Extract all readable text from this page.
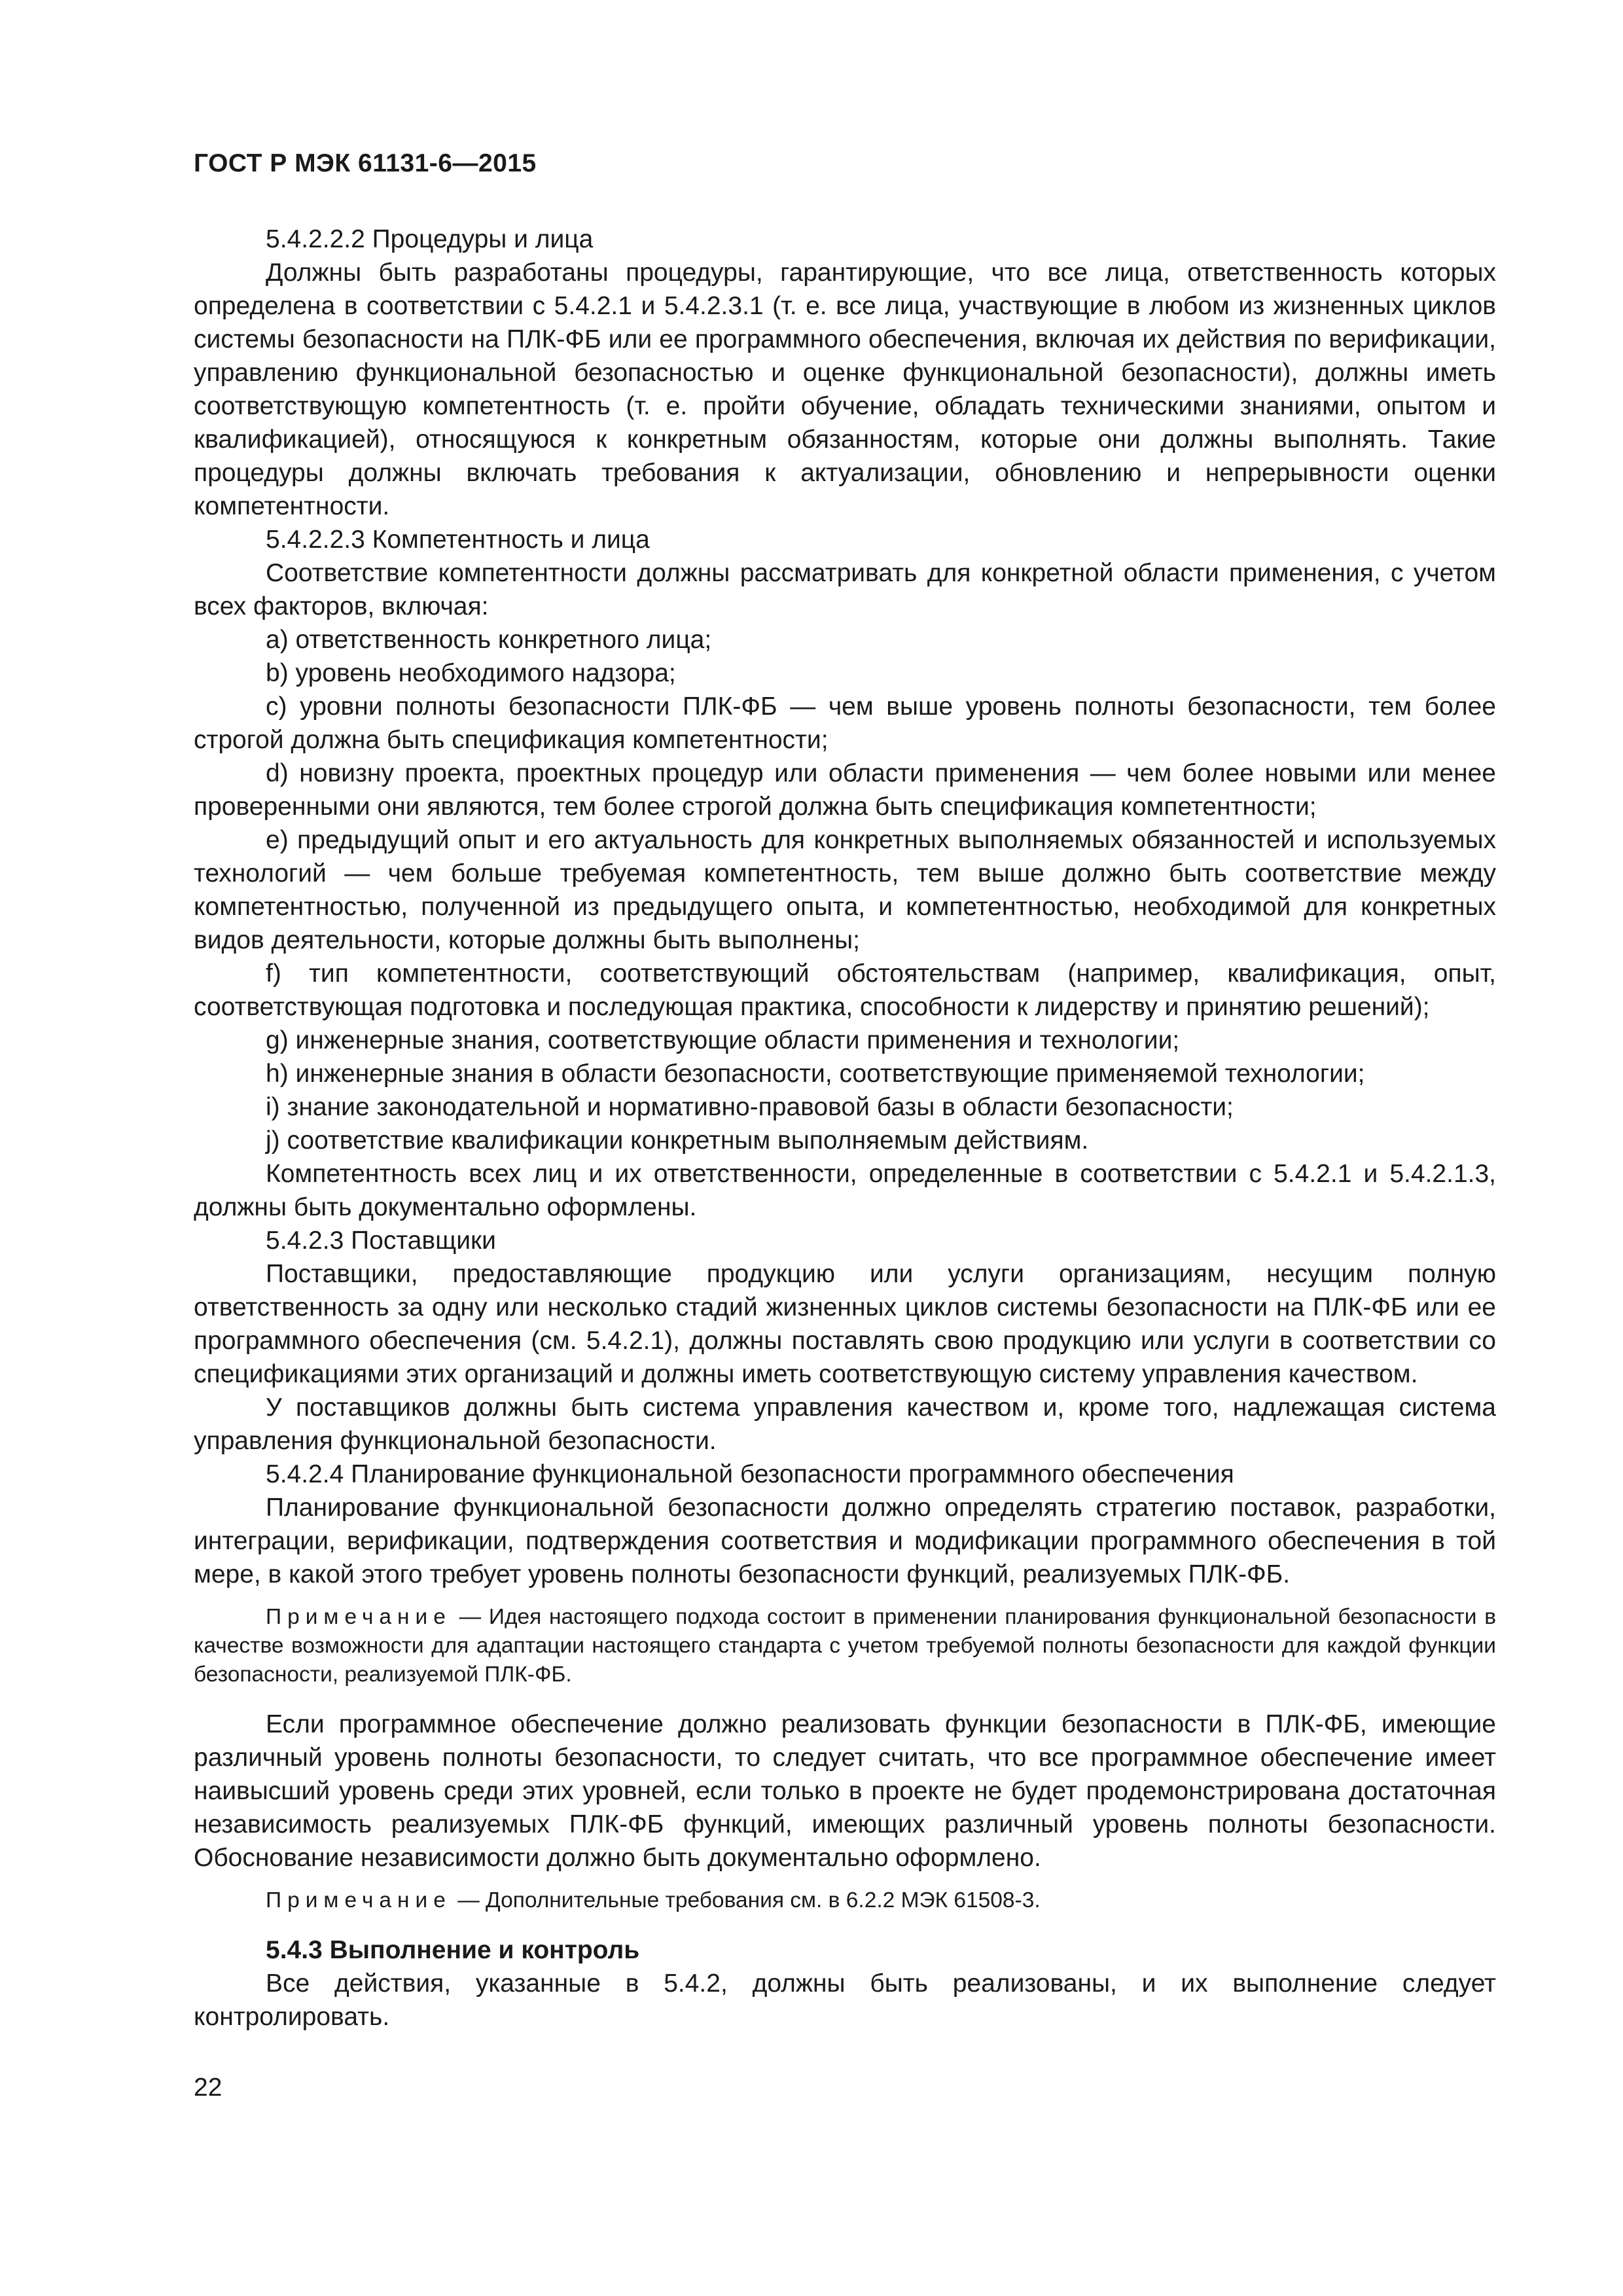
ГОСТ Р МЭК 61131-6—2015

5.4.2.2.2 Процедуры и лица

Должны быть разработаны процедуры, гарантирующие, что все лица, ответственность которых определена в соответствии с 5.4.2.1 и 5.4.2.3.1 (т. е. все лица, участвующие в любом из жизненных циклов системы безопасности на ПЛК-ФБ или ее программного обеспечения, включая их действия по верификации, управлению функциональной безопасностью и оценке функциональной безопасности), должны иметь соответствующую компетентность (т. е. пройти обучение, обладать техническими знаниями, опытом и квалификацией), относящуюся к конкретным обязанностям, которые они должны выполнять. Такие процедуры должны включать требования к актуализации, обновлению и непрерывности оценки компетентности.

5.4.2.2.3 Компетентность и лица

Соответствие компетентности должны рассматривать для конкретной области применения, с учетом всех факторов, включая:

a) ответственность конкретного лица;

b) уровень необходимого надзора;

c) уровни полноты безопасности ПЛК-ФБ — чем выше уровень полноты безопасности, тем более строгой должна быть спецификация компетентности;

d) новизну проекта, проектных процедур или области применения — чем более новыми или менее проверенными они являются, тем более строгой должна быть спецификация компетентности;

e) предыдущий опыт и его актуальность для конкретных выполняемых обязанностей и используемых технологий — чем больше требуемая компетентность, тем выше должно быть соответствие между компетентностью, полученной из предыдущего опыта, и компетентностью, необходимой для конкретных видов деятельности, которые должны быть выполнены;

f) тип компетентности, соответствующий обстоятельствам (например, квалификация, опыт, соответствующая подготовка и последующая практика, способности к лидерству и принятию решений);

g) инженерные знания, соответствующие области применения и технологии;

h) инженерные знания в области безопасности, соответствующие применяемой технологии;

i) знание законодательной и нормативно-правовой базы в области безопасности;

j) соответствие квалификации конкретным выполняемым действиям.

Компетентность всех лиц и их ответственности, определенные в соответствии с 5.4.2.1 и 5.4.2.1.3, должны быть документально оформлены.

5.4.2.3 Поставщики

Поставщики, предоставляющие продукцию или услуги организациям, несущим полную ответственность за одну или несколько стадий жизненных циклов системы безопасности на ПЛК-ФБ или ее программного обеспечения (см. 5.4.2.1), должны поставлять свою продукцию или услуги в соответствии со спецификациями этих организаций и должны иметь соответствующую систему управления качеством.

У поставщиков должны быть система управления качеством и, кроме того, надлежащая система управления функциональной безопасности.

5.4.2.4 Планирование функциональной безопасности программного обеспечения

Планирование функциональной безопасности должно определять стратегию поставок, разработки, интеграции, верификации, подтверждения соответствия и модификации программного обеспечения в той мере, в какой этого требует уровень полноты безопасности функций, реализуемых ПЛК-ФБ.

Примечание — Идея настоящего подхода состоит в применении планирования функциональной безопасности в качестве возможности для адаптации настоящего стандарта с учетом требуемой полноты безопасности для каждой функции безопасности, реализуемой ПЛК-ФБ.

Если программное обеспечение должно реализовать функции безопасности в ПЛК-ФБ, имеющие различный уровень полноты безопасности, то следует считать, что все программное обеспечение имеет наивысший уровень среди этих уровней, если только в проекте не будет продемонстрирована достаточная независимость реализуемых ПЛК-ФБ функций, имеющих различный уровень полноты безопасности. Обоснование независимости должно быть документально оформлено.

Примечание — Дополнительные требования см. в 6.2.2 МЭК 61508-3.

5.4.3 Выполнение и контроль

Все действия, указанные в 5.4.2, должны быть реализованы, и их выполнение следует контролировать.

22
